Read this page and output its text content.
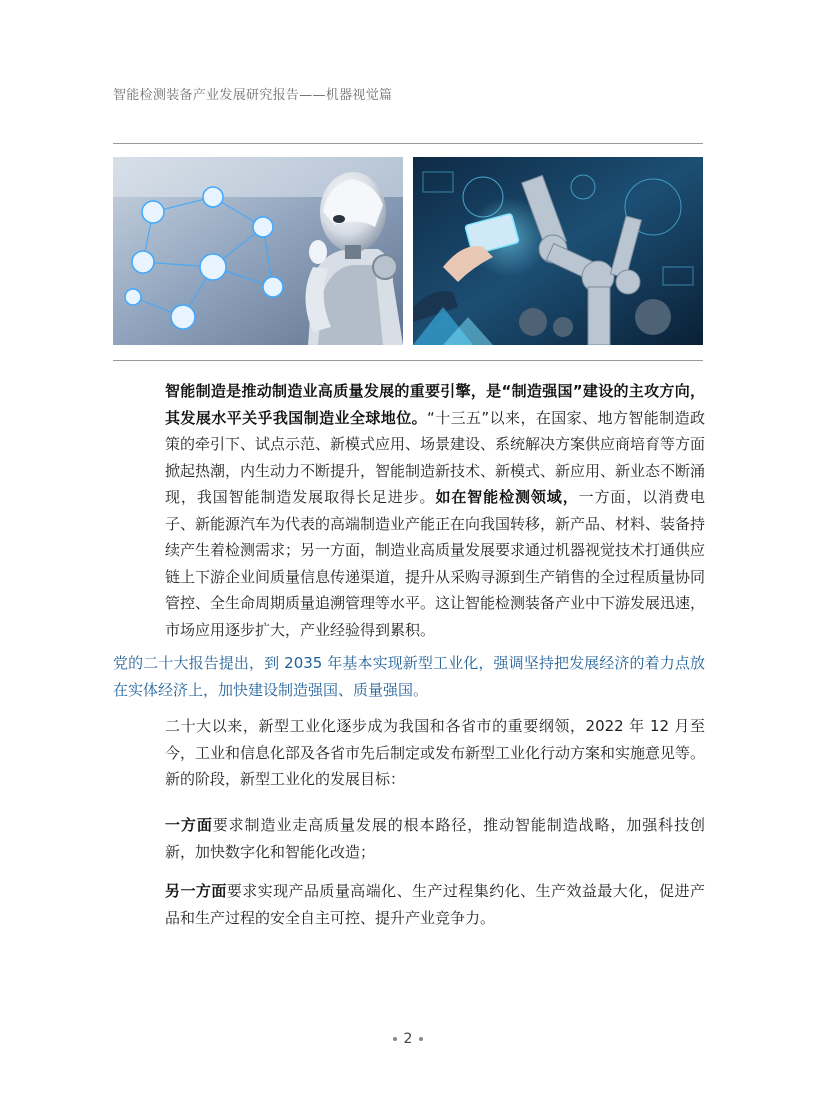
智能检测装备产业发展研究报告——机器视觉篇

智能制造是推动制造业高质量发展的重要引擎，是“制造强国”建设的主攻方向，其发展水平关乎我国制造业全球地位。“十三五”以来，在国家、地方智能制造政策的牵引下、试点示范、新模式应用、场景建设、系统解决方案供应商培育等方面掀起热潮，内生动力不断提升，智能制造新技术、新模式、新应用、新业态不断涌现，我国智能制造发展取得长足进步。如在智能检测领域，一方面，以消费电子、新能源汽车为代表的高端制造业产能正在向我国转移，新产品、材料、装备持续产生着检测需求；另一方面，制造业高质量发展要求通过机器视觉技术打通供应链上下游企业间质量信息传递渠道，提升从采购寻源到生产销售的全过程质量协同管控、全生命周期质量追溯管理等水平。这让智能检测装备产业中下游发展迅速，市场应用逐步扩大，产业经验得到累积。

党的二十大报告提出，到 2035 年基本实现新型工业化，强调坚持把发展经济的着力点放在实体经济上，加快建设制造强国、质量强国。

二十大以来，新型工业化逐步成为我国和各省市的重要纲领，2022 年 12 月至今，工业和信息化部及各省市先后制定或发布新型工业化行动方案和实施意见等。新的阶段，新型工业化的发展目标：

一方面要求制造业走高质量发展的根本路径，推动智能制造战略，加强科技创新，加快数字化和智能化改造；

另一方面要求实现产品质量高端化、生产过程集约化、生产效益最大化，促进产品和生产过程的安全自主可控、提升产业竞争力。

2
